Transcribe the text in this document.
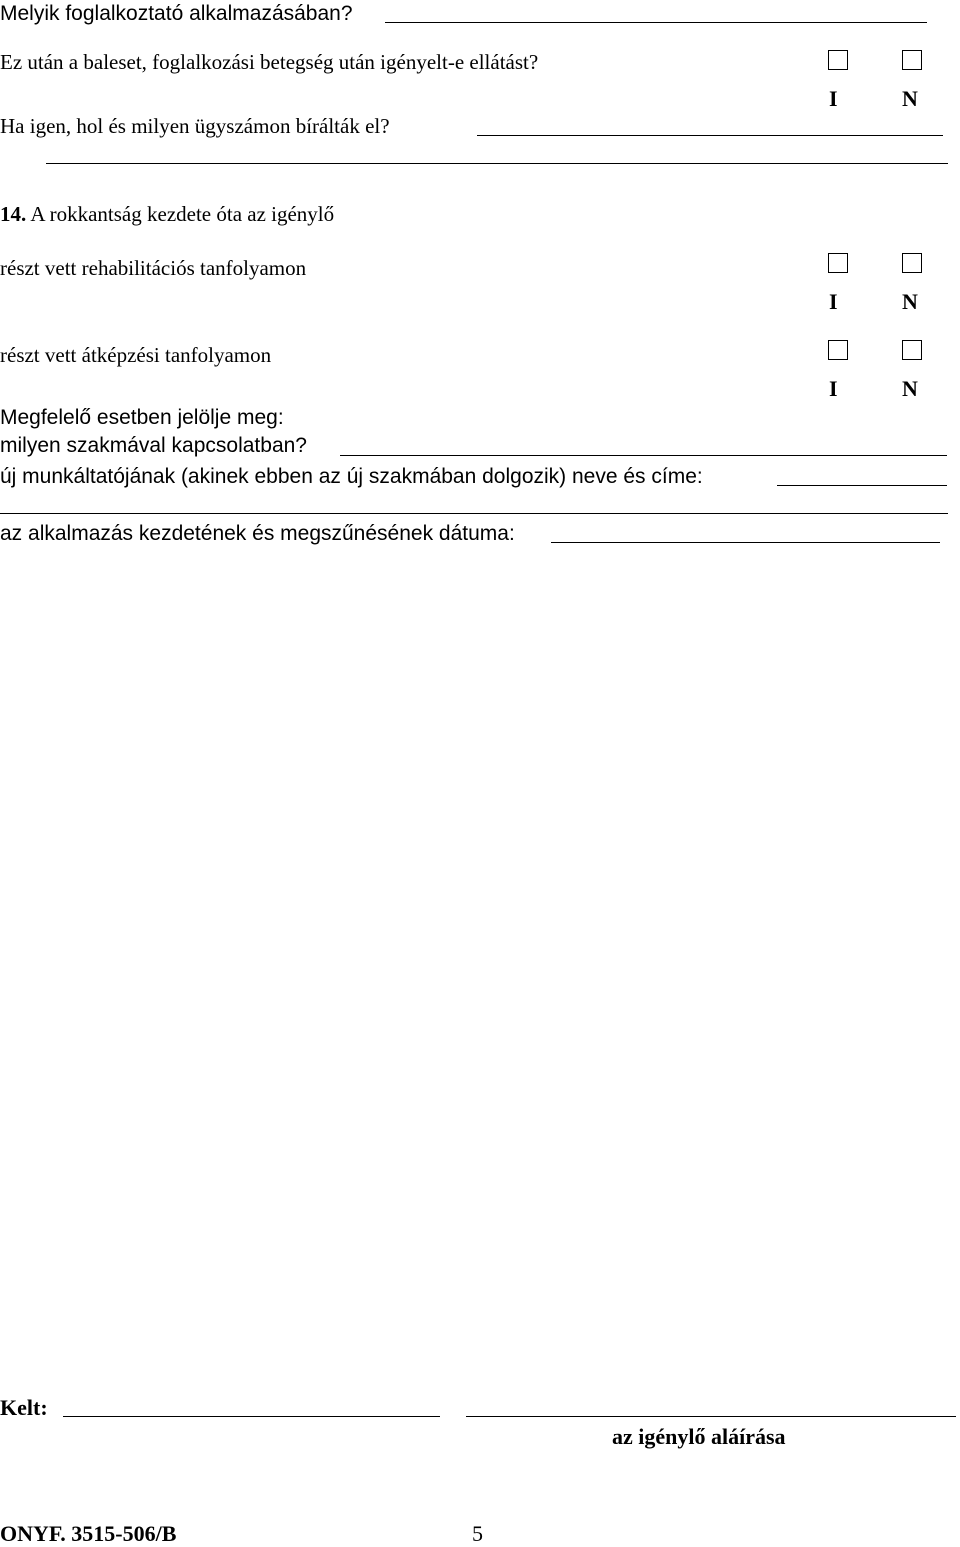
Melyik foglalkoztató alkalmazásában?
Ez után a baleset, foglalkozási betegség után igényelt-e ellátást?
I	N
Ha igen, hol és milyen ügyszámon bírálták el?
14. A rokkantság kezdete óta az igénylő
részt vett rehabilitációs tanfolyamon
I	N
részt vett átképzési tanfolyamon
I	N
Megfelelő esetben jelölje meg:
milyen szakmával kapcsolatban?
új munkáltatójának (akinek ebben az új szakmában dolgozik) neve és címe:
az alkalmazás kezdetének és megszűnésének dátuma:
Kelt:
az igénylő aláírása
ONYF. 3515-506/B	5
